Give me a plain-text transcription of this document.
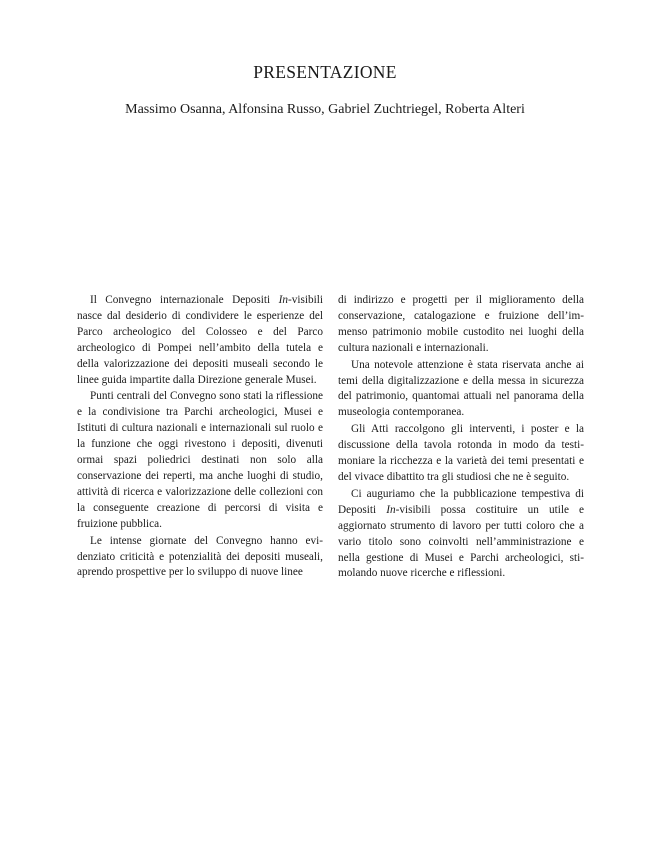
PRESENTAZIONE

Massimo Osanna, Alfonsina Russo, Gabriel Zuchtriegel, Roberta Alteri

Il Convegno internazionale Depositi In-visibili nasce dal desiderio di condividere le esperienze del Parco archeologico del Colosseo e del Parco archeologico di Pompei nell’ambito della tutela e della valorizzazione dei depositi museali secondo le linee guida impartite dalla Direzione generale Musei.

Punti centrali del Convegno sono stati la riflessione e la condivisione tra Parchi archeologici, Musei e Istituti di cultura nazionali e internazionali sul ruolo e la funzione che oggi rivestono i depositi, divenuti ormai spazi poliedrici destinati non solo alla conservazione dei reperti, ma anche luoghi di studio, attività di ricerca e valorizzazione delle collezioni con la conseguente creazione di percorsi di visita e fruizione pubblica.

Le intense giornate del Convegno hanno evidenziato criticità e potenzialità dei depositi museali, aprendo prospettive per lo sviluppo di nuove linee

di indirizzo e progetti per il miglioramento della conservazione, catalogazione e fruizione dell’immenso patrimonio mobile custodito nei luoghi della cultura nazionali e internazionali.

Una notevole attenzione è stata riservata anche ai temi della digitalizzazione e della messa in sicurezza del patrimonio, quantomai attuali nel panorama della museologia contemporanea.

Gli Atti raccolgono gli interventi, i poster e la discussione della tavola rotonda in modo da testimoniare la ricchezza e la varietà dei temi presentati e del vivace dibattito tra gli studiosi che ne è seguito.

Ci auguriamo che la pubblicazione tempestiva di Depositi In-visibili possa costituire un utile e aggiornato strumento di lavoro per tutti coloro che a vario titolo sono coinvolti nell’amministrazione e nella gestione di Musei e Parchi archeologici, stimolando nuove ricerche e riflessioni.
